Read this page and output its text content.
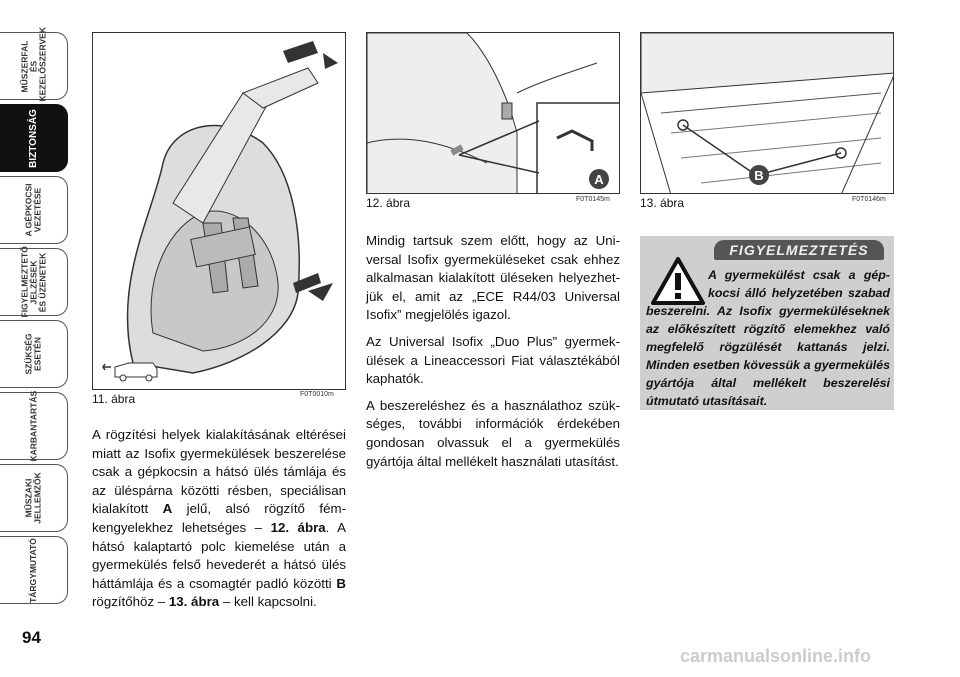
MŰSZERFAL
ÉS
KEZELŐSZERVEK
BIZTONSÁG
A GÉPKOCSI
VEZETÉSE
FIGYELMEZTETŐ
JELZÉSEK
ÉS ÜZENETEK
SZÜKSÉG
ESETÉN
KARBANTARTÁS
MŰSZAKI
JELLEMZŐK
TÁRGYMUTATÓ
94
11. ábra	F0T0010m
A
12. ábra	F0T0145m
B
13. ábra	F0T0146m

A rögzítési helyek kialakításának eltérései miatt az Isofix gyermekülések beszerelése csak a gépkocsin a hátsó ülés támlája és az üléspárna közötti résben, speciálisan kialakított A jelű, alsó rögzítő fémkengyelekhez lehetséges – 12. ábra. A hátsó kalaptartó polc kiemelése után a gyermekülés felső hevederét a hátsó ülés háttámlája és a csomagtér padló közötti B rögzítőhöz – 13. ábra – kell kapcsolni.

Mindig tartsuk szem előtt, hogy az Universal Isofix gyermeküléseket csak ehhez alkalmasan kialakított üléseken helyezhetjük el, amit az „ECE R44/03 Universal Isofix” megjelölés igazol.

Az Universal Isofix „Duo Plus” gyermekülések a Lineaccessori Fiat választékából kaphatók.

A beszereléshez és a használathoz szükséges, további információk érdekében gondosan olvassuk el a gyermekülés gyártója által mellékelt használati utasítást.

FIGYELMEZTETÉS
A gyermekülést csak a gépkocsi álló helyzetében szabad beszerelni. Az Isofix gyermeküléseknek az előkészített rögzítő elemekhez való megfelelő rögzülését kattanás jelzi. Minden esetben kövessük a gyermekülés gyártója által mellékelt beszerelési útmutató utasításait.
carmanualsonline.info
